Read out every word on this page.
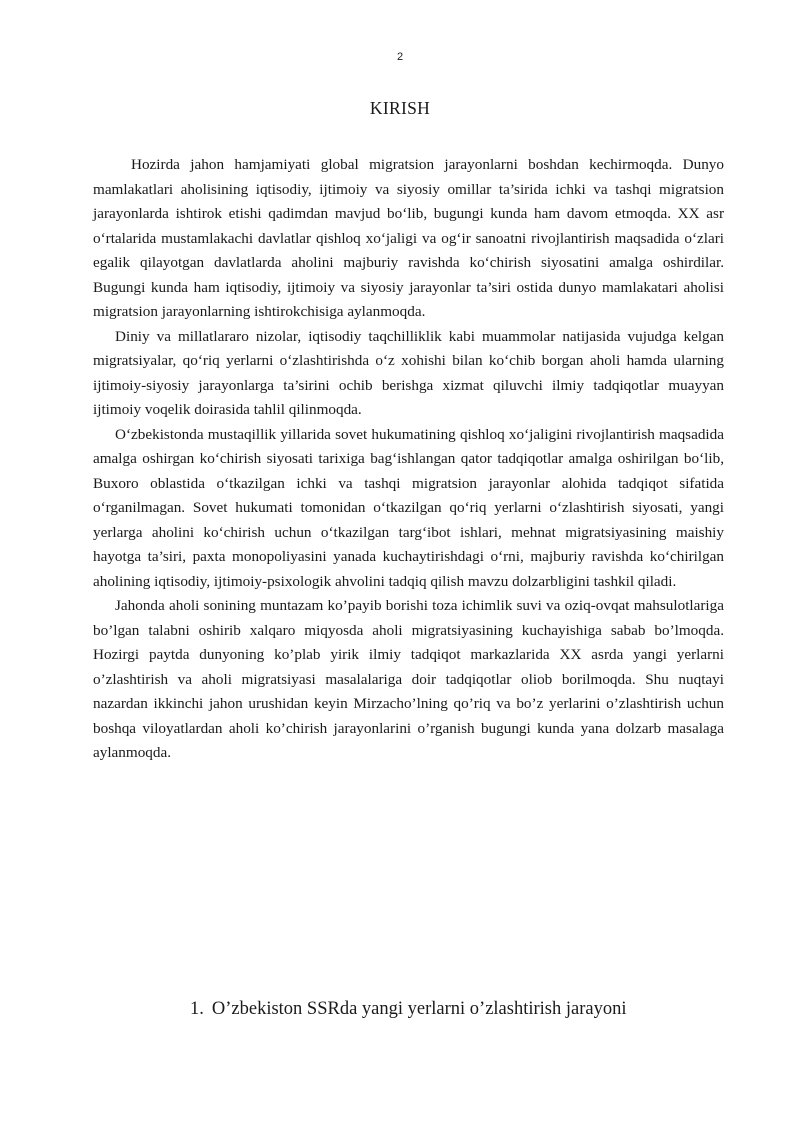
2
KIRISH

Hozirda jahon hamjamiyati global migratsion jarayonlarni boshdan kechirmoqda. Dunyo mamlakatlari aholisining iqtisodiy, ijtimoiy va siyosiy omillar ta’sirida ichki va tashqi migratsion jarayonlarda ishtirok etishi qadimdan mavjud bo‘lib, bugungi kunda ham davom etmoqda. XX asr o‘rtalarida mustamlakachi davlatlar qishloq xo‘jaligi va og‘ir sanoatni rivojlantirish maqsadida o‘zlari egalik qilayotgan davlatlarda aholini majburiy ravishda ko‘chirish siyosatini amalga oshirdilar. Bugungi kunda ham iqtisodiy, ijtimoiy va siyosiy jarayonlar ta’siri ostida dunyo mamlakatari aholisi migratsion jarayonlarning ishtirokchisiga aylanmoqda.

Diniy va millatlararo nizolar, iqtisodiy taqchilliklik kabi muammolar natijasida vujudga kelgan migratsiyalar, qo‘riq yerlarni o‘zlashtirishda o‘z xohishi bilan ko‘chib borgan aholi hamda ularning ijtimoiy-siyosiy jarayonlarga ta’sirini ochib berishga xizmat qiluvchi ilmiy tadqiqotlar muayyan ijtimoiy voqelik doirasida tahlil qilinmoqda.

O‘zbekistonda mustaqillik yillarida sovet hukumatining qishloq xo‘jaligini rivojlantirish maqsadida amalga oshirgan ko‘chirish siyosati tarixiga bag‘ishlangan qator tadqiqotlar amalga oshirilgan bo‘lib, Buxoro oblastida o‘tkazilgan ichki va tashqi migratsion jarayonlar alohida tadqiqot sifatida o‘rganilmagan. Sovet hukumati tomonidan o‘tkazilgan qo‘riq yerlarni o‘zlashtirish siyosati, yangi yerlarga aholini ko‘chirish uchun o‘tkazilgan targ‘ibot ishlari, mehnat migratsiyasining maishiy hayotga ta’siri, paxta monopoliyasini yanada kuchaytirishdagi o‘rni, majburiy ravishda ko‘chirilgan aholining iqtisodiy, ijtimoiy-psixologik ahvolini tadqiq qilish mavzu dolzarbligini tashkil qiladi.

Jahonda aholi sonining muntazam ko’payib borishi toza ichimlik suvi va oziq-ovqat mahsulotlariga bo’lgan talabni oshirib xalqaro miqyosda aholi migratsiyasining kuchayishiga sabab bo’lmoqda. Hozirgi paytda dunyoning ko’plab yirik ilmiy tadqiqot markazlarida XX asrda yangi yerlarni o’zlashtirish va aholi migratsiyasi masalalariga doir tadqiqotlar oliob borilmoqda. Shu nuqtayi nazardan ikkinchi jahon urushidan keyin Mirzacho’lning qo’riq va bo’z yerlarini o’zlashtirish uchun boshqa viloyatlardan aholi ko’chirish jarayonlarini o’rganish bugungi kunda yana dolzarb masalaga aylanmoqda.

1. O’zbekiston SSRda yangi yerlarni o’zlashtirish jarayoni
